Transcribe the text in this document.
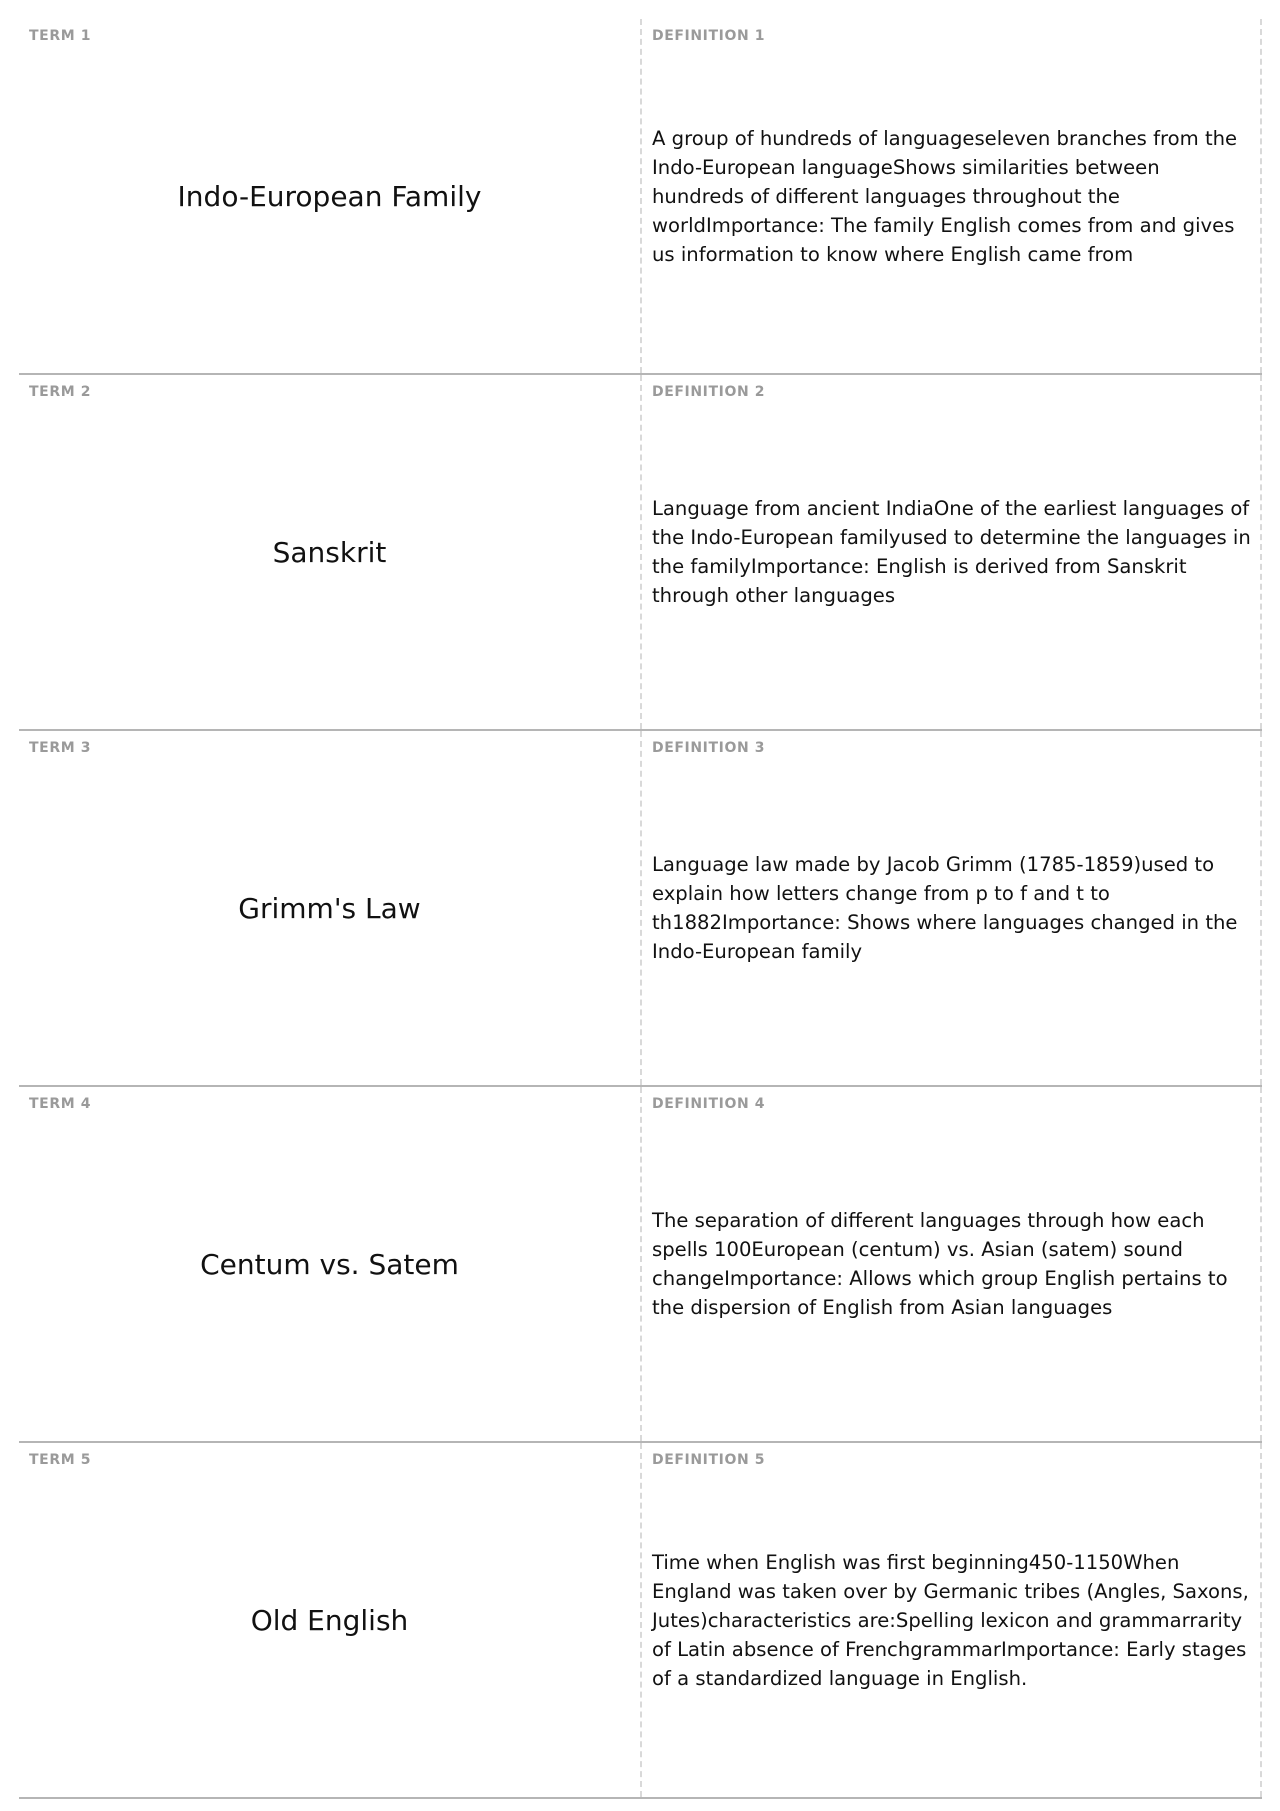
TERM 1
Indo-European Family
DEFINITION 1
A group of hundreds of languageseleven branches from the Indo-European languageShows similarities between hundreds of different languages throughout the worldImportance: The family English comes from and gives us information to know where English came from
TERM 2
Sanskrit
DEFINITION 2
Language from ancient IndiaOne of the earliest languages of the Indo-European familyused to determine the languages in the familyImportance: English is derived from Sanskrit through other languages
TERM 3
Grimm's Law
DEFINITION 3
Language law made by Jacob Grimm (1785-1859)used to explain how letters change from p to f and t to th1882Importance: Shows where languages changed in the Indo-European family
TERM 4
Centum vs. Satem
DEFINITION 4
The separation of different languages through how each spells 100European (centum) vs. Asian (satem) sound changeImportance: Allows which group English pertains to the dispersion of English from Asian languages
TERM 5
Old English
DEFINITION 5
Time when English was first beginning450-1150When England was taken over by Germanic tribes (Angles, Saxons, Jutes)characteristics are:Spelling lexicon and grammarrarity of Latin absence of FrenchgrammarImportance: Early stages of a standardized language in English.
